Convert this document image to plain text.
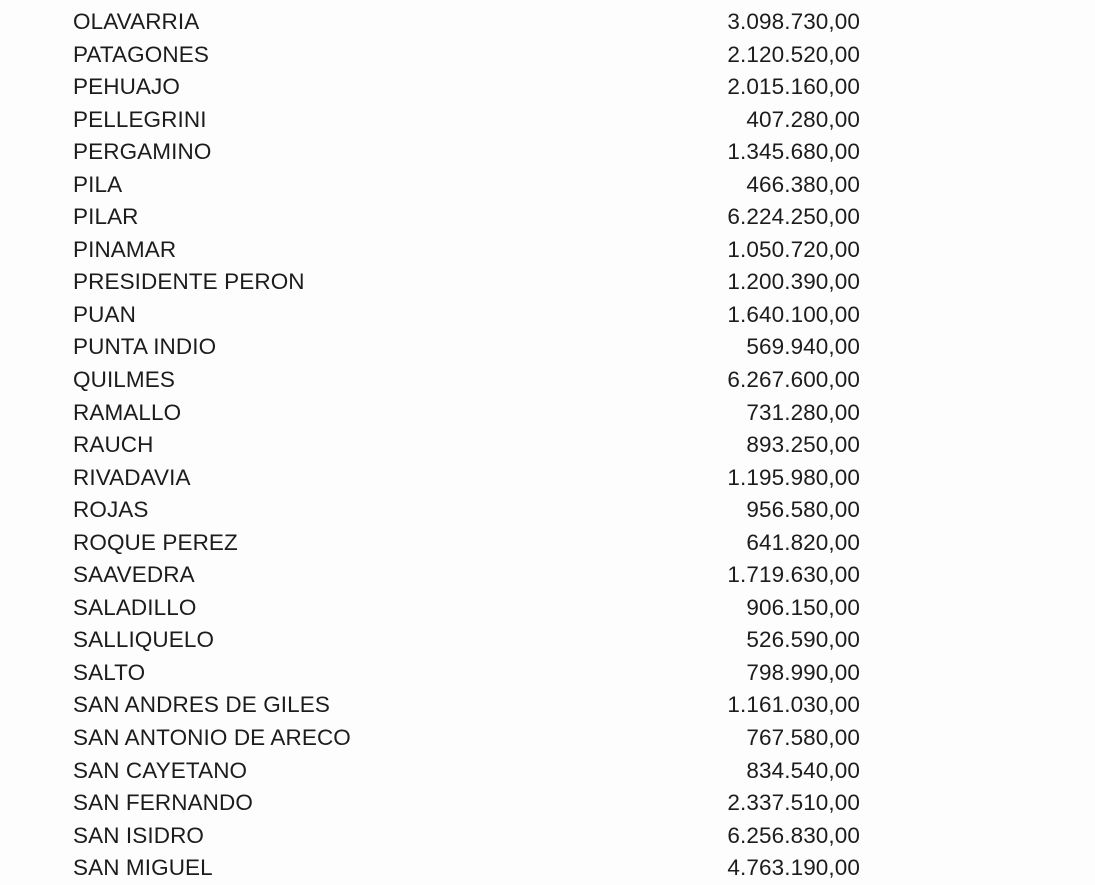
OLAVARRIA	3.098.730,00
PATAGONES	2.120.520,00
PEHUAJO	2.015.160,00
PELLEGRINI	407.280,00
PERGAMINO	1.345.680,00
PILA	466.380,00
PILAR	6.224.250,00
PINAMAR	1.050.720,00
PRESIDENTE PERON	1.200.390,00
PUAN	1.640.100,00
PUNTA INDIO	569.940,00
QUILMES	6.267.600,00
RAMALLO	731.280,00
RAUCH	893.250,00
RIVADAVIA	1.195.980,00
ROJAS	956.580,00
ROQUE PEREZ	641.820,00
SAAVEDRA	1.719.630,00
SALADILLO	906.150,00
SALLIQUELO	526.590,00
SALTO	798.990,00
SAN ANDRES DE GILES	1.161.030,00
SAN ANTONIO DE ARECO	767.580,00
SAN CAYETANO	834.540,00
SAN FERNANDO	2.337.510,00
SAN ISIDRO	6.256.830,00
SAN MIGUEL	4.763.190,00
